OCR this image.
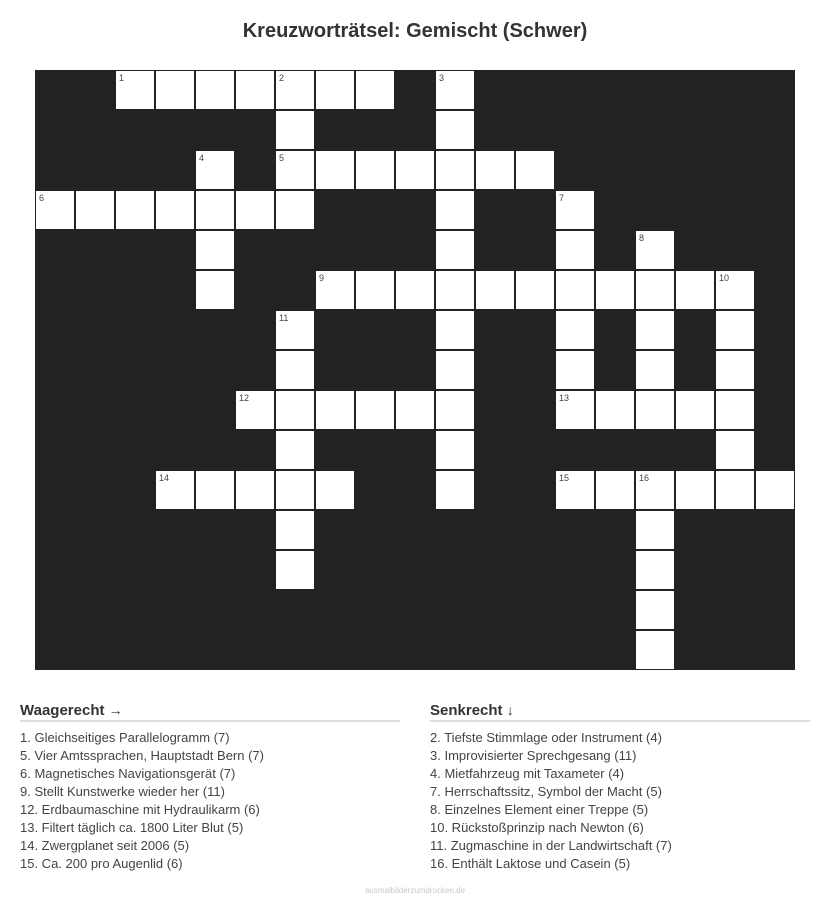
Kreuzworträtsel: Gemischt (Schwer)
1	2	3
4	5
6	7
8
9	10
11
12	13
14	15	16
Waagerecht →
1. Gleichseitiges Parallelogramm (7)
5. Vier Amtssprachen, Hauptstadt Bern (7)
6. Magnetisches Navigationsgerät (7)
9. Stellt Kunstwerke wieder her (11)
12. Erdbaumaschine mit Hydraulikarm (6)
13. Filtert täglich ca. 1800 Liter Blut (5)
14. Zwergplanet seit 2006 (5)
15. Ca. 200 pro Augenlid (6)
Senkrecht ↓
2. Tiefste Stimmlage oder Instrument (4)
3. Improvisierter Sprechgesang (11)
4. Mietfahrzeug mit Taxameter (4)
7. Herrschaftssitz, Symbol der Macht (5)
8. Einzelnes Element einer Treppe (5)
10. Rückstoßprinzip nach Newton (6)
11. Zugmaschine in der Landwirtschaft (7)
16. Enthält Laktose und Casein (5)
ausmalbilderzumdrucken.de
